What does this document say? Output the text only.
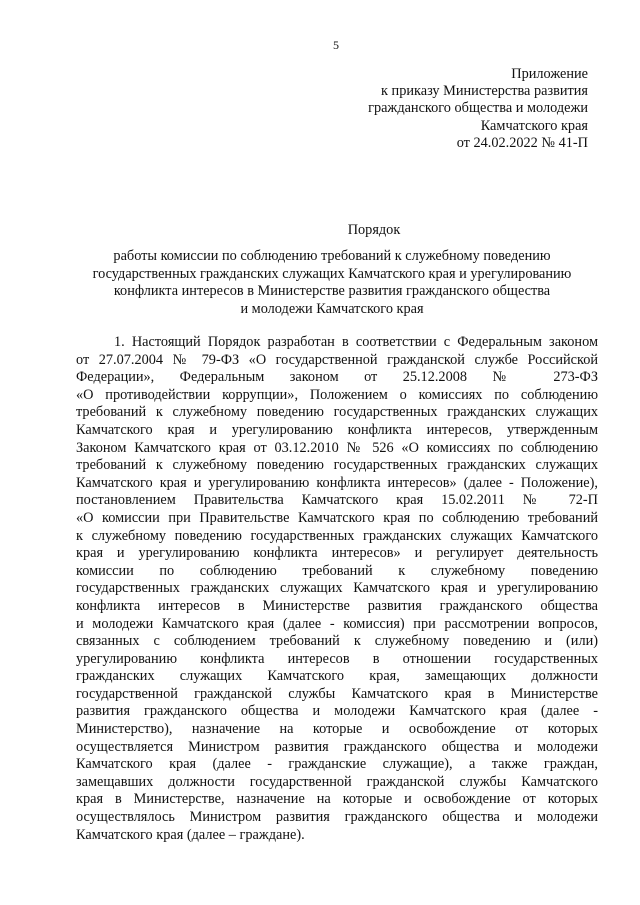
5
Приложение
к приказу Министерства развития
гражданского общества и молодежи
Камчатского края
от 24.02.2022 № 41-П
Порядок
работы комиссии по соблюдению требований к служебному поведению
государственных гражданских служащих Камчатского края и урегулированию
конфликта интересов в Министерстве развития гражданского общества
и молодежи Камчатского края
1. Настоящий Порядок разработан в соответствии с Федеральным законом
от 27.07.2004 № 79-ФЗ «О государственной гражданской службе Российской
Федерации», Федеральным законом от 25.12.2008 № 273-ФЗ
«О противодействии коррупции», Положением о комиссиях по соблюдению
требований к служебному поведению государственных гражданских служащих
Камчатского края и урегулированию конфликта интересов, утвержденным
Законом Камчатского края от 03.12.2010 № 526 «О комиссиях по соблюдению
требований к служебному поведению государственных гражданских служащих
Камчатского края и урегулированию конфликта интересов» (далее - Положение),
постановлением Правительства Камчатского края 15.02.2011 № 72-П
«О комиссии при Правительстве Камчатского края по соблюдению требований
к служебному поведению государственных гражданских служащих Камчатского
края и урегулированию конфликта интересов» и регулирует деятельность
комиссии по соблюдению требований к служебному поведению
государственных гражданских служащих Камчатского края и урегулированию
конфликта интересов в Министерстве развития гражданского общества
и молодежи Камчатского края (далее - комиссия) при рассмотрении вопросов,
связанных с соблюдением требований к служебному поведению и (или)
урегулированию конфликта интересов в отношении государственных
гражданских служащих Камчатского края, замещающих должности
государственной гражданской службы Камчатского края в Министерстве
развития гражданского общества и молодежи Камчатского края (далее -
Министерство), назначение на которые и освобождение от которых
осуществляется Министром развития гражданского общества и молодежи
Камчатского края (далее - гражданские служащие), а также граждан,
замещавших должности государственной гражданской службы Камчатского
края в Министерстве, назначение на которые и освобождение от которых
осуществлялось Министром развития гражданского общества и молодежи
Камчатского края (далее – граждане).
